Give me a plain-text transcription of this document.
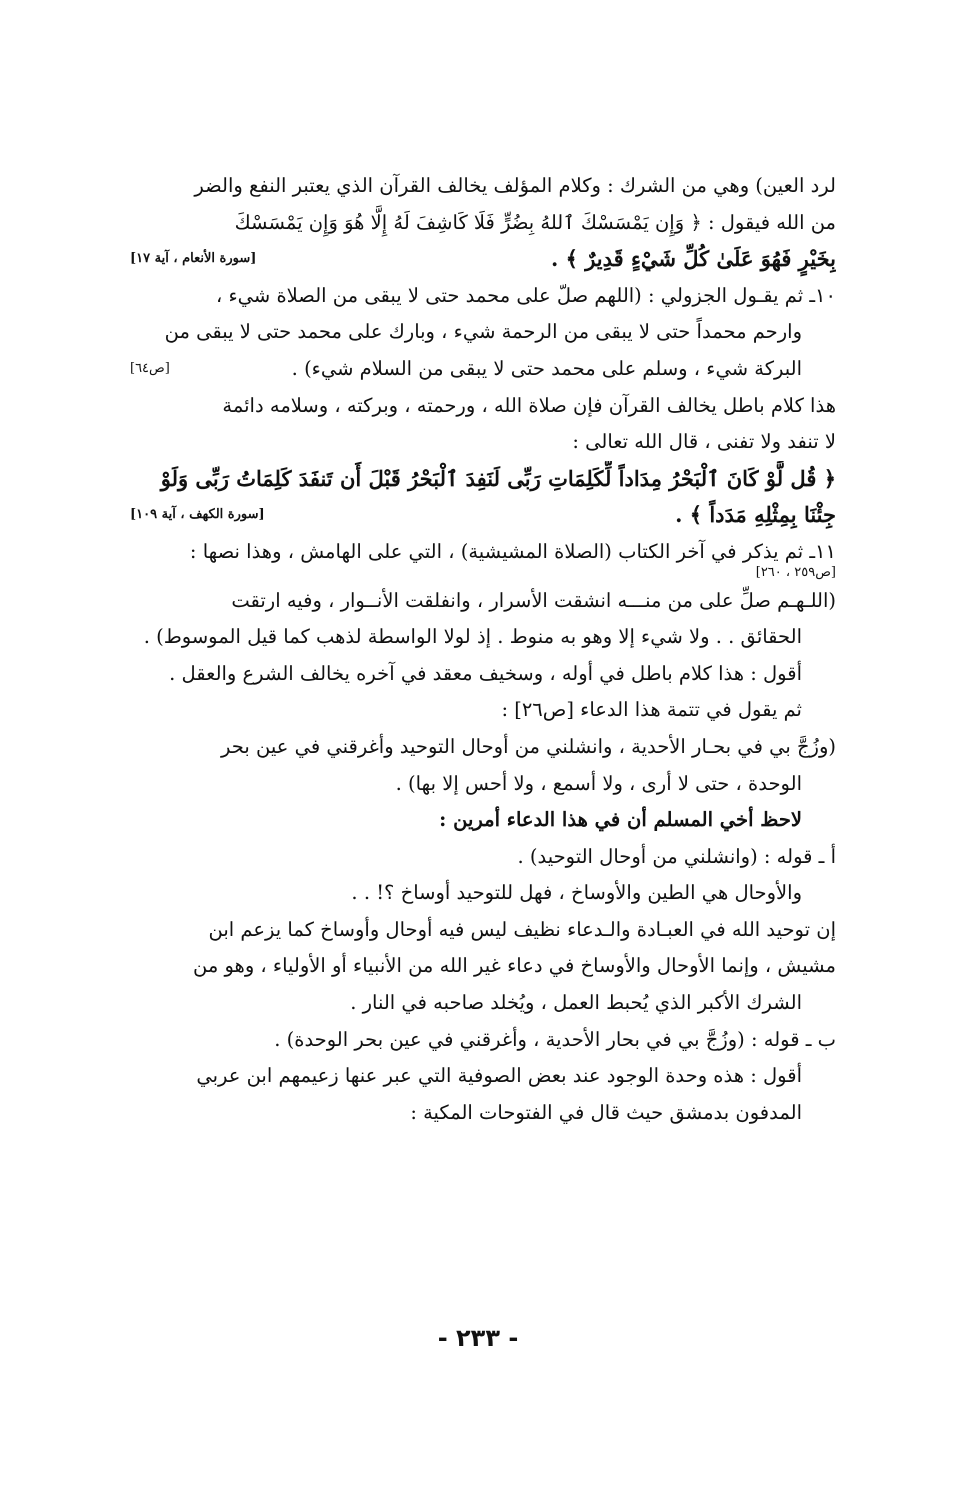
لرد العين) وهي من الشرك : وكلام المؤلف يخالف القرآن الذي يعتبر النفع والضر
من الله فيقول : ﴿ وَإِن يَمْسَسْكَ ٱللهُ بِضُرٍّ فَلَا كَاشِفَ لَهُ إِلَّا هُوَ وَإِن يَمْسَسْكَ
بِخَيْرٍ فَهُوَ عَلَىٰ كُلِّ شَيْءٍ قَدِيرٌ ﴾ .
[سورة الأنعام ، آية ١٧]
١٠ـ ثم يقـول الجزولي : (اللهم صلّ على محمد حتى لا يبقى من الصلاة شيء ،
وارحم محمداً حتى لا يبقى من الرحمة شيء ، وبارك على محمد حتى لا يبقى من
البركة شيء ، وسلم على محمد حتى لا يبقى من السلام شيء) .
[ص٦٤]
هذا كلام باطل يخالف القرآن فإن صلاة الله ، ورحمته ، وبركته ، وسلامه دائمة
لا تنفد ولا تفنى ، قال الله تعالى :
﴿ قُل لَّوْ كَانَ ٱلْبَحْرُ مِدَاداً لِّكَلِمَاتِ رَبِّى لَنَفِدَ ٱلْبَحْرُ قَبْلَ أَن تَنفَدَ كَلِمَاتُ رَبِّى وَلَوْ
جِئْنَا بِمِثْلِهِ مَدَداً ﴾ .
[سورة الكهف ، آية ١٠٩]
١١ـ ثم يذكر في آخر الكتاب (الصلاة المشيشية) ، التي على الهامش ، وهذا نصها :
[ص٢٥٩ ، ٢٦٠]
(اللـهـم صلِّ على من منـــه انشقت الأسرار ، وانفلقت الأنــوار ، وفيه ارتقت
الحقائق . . ولا شيء إلا وهو به منوط . إذ لولا الواسطة لذهب كما قيل الموسوط) .
أقول : هذا كلام باطل في أوله ، وسخيف معقد في آخره يخالف الشرع والعقل .
ثم يقول في تتمة هذا الدعاء [ص٢٦] :
(وزُجَّ بي في بحـار الأحدية ، وانشلني من أوحال التوحيد وأغرقني في عين بحر
الوحدة ، حتى لا أرى ، ولا أسمع ، ولا أحس إلا بها) .
لاحظ أخي المسلم أن في هذا الدعاء أمرين :
أ ـ قوله : (وانشلني من أوحال التوحيد) .
والأوحال هي الطين والأوساخ ، فهل للتوحيد أوساخ ؟! . .
إن توحيد الله في العبـادة والـدعاء نظيف ليس فيه أوحال وأوساخ كما يزعم ابن
مشيش ، وإنما الأوحال والأوساخ في دعاء غير الله من الأنبياء أو الأولياء ، وهو من
الشرك الأكبر الذي يُحبط العمل ، ويُخلد صاحبه في النار .
ب ـ قوله : (وزُجَّ بي في بحار الأحدية ، وأغرقني في عين بحر الوحدة) .
أقول : هذه وحدة الوجود عند بعض الصوفية التي عبر عنها زعيمهم ابن عربي
المدفون بدمشق حيث قال في الفتوحات المكية :
- ٢٣٣ -
